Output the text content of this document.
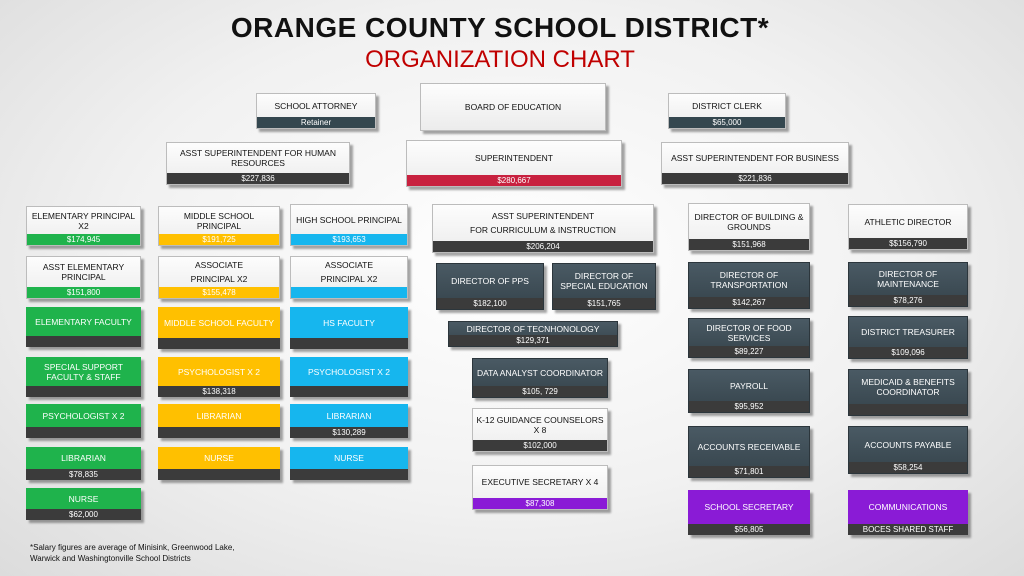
ORANGE COUNTY SCHOOL DISTRICT*
ORGANIZATION CHART
SCHOOL ATTORNEY
Retainer
BOARD OF EDUCATION	DISTRICT CLERK
$65,000
ASST SUPERINTENDENT FOR HUMAN RESOURCES
$227,836
SUPERINTENDENT
$280,667
ASST SUPERINTENDENT FOR BUSINESS
$221,836
ELEMENTARY PRINCIPAL X2
$174,945
ASST ELEMENTARY PRINCIPAL
$151,800
ELEMENTARY FACULTY
SPECIAL SUPPORT FACULTY & STAFF
PSYCHOLOGIST X 2
LIBRARIAN
$78,835
NURSE
$62,000
MIDDLE SCHOOL PRINCIPAL
$191,725
ASSOCIATE
PRINCIPAL X2
$155,478
MIDDLE SCHOOL FACULTY
PSYCHOLOGIST X 2
$138,318
LIBRARIAN
NURSE
HIGH SCHOOL PRINCIPAL
$193,653
ASSOCIATE
PRINCIPAL X2
HS FACULTY
PSYCHOLOGIST X 2
LIBRARIAN
$130,289
NURSE
ASST SUPERINTENDENT
FOR CURRICULUM & INSTRUCTION
$206,204
DIRECTOR OF PPS
$182,100
DIRECTOR OF SPECIAL EDUCATION
$151,765
DIRECTOR OF TECNHONOLOGY
$129,371
DATA ANALYST COORDINATOR
$105, 729
K-12 GUIDANCE COUNSELORS X 8
$102,000
EXECUTIVE SECRETARY X 4
$87,308
DIRECTOR OF BUILDING & GROUNDS
$151,968
DIRECTOR OF TRANSPORTATION
$142,267
DIRECTOR OF FOOD SERVICES
$89,227
PAYROLL
$95,952
ACCOUNTS RECEIVABLE
$71,801
SCHOOL SECRETARY
$56,805
ATHLETIC DIRECTOR
$$156,790
DIRECTOR OF MAINTENANCE
$78,276
DISTRICT TREASURER
$109,096
MEDICAID & BENEFITS COORDINATOR
ACCOUNTS PAYABLE
$58,254
COMMUNICATIONS
BOCES SHARED STAFF
*Salary figures are average of Minisink, Greenwood Lake, Warwick and Washingtonville School Districts
